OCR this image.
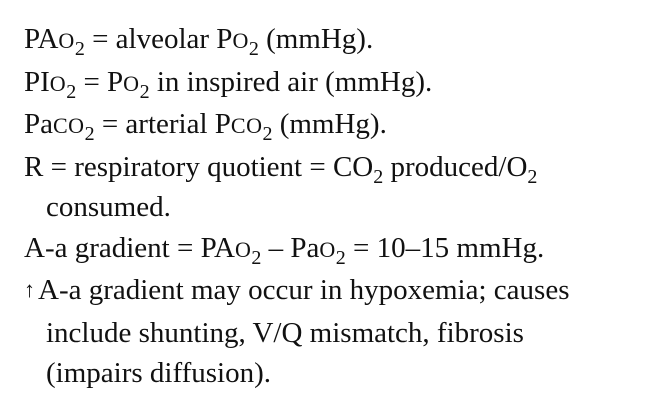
$PAO_2$ = alveolar $PO_2$ (mmHg).

$PIO_2 = PO_2$ in inspired air (mmHg).

PaCO$_2$ = arterial $PCO_2$ (mmHg).

R = respiratory quotient = $CO_2$ produced/$O_2$

consumed.

A-a gradient = $PAO_2 - PaO_2 = 10-15$ mmHg.

↑ A-a gradient may occur in hypoxemia; causes

include shunting, V/Q mismatch, fibrosis

(impairs diffusion).
